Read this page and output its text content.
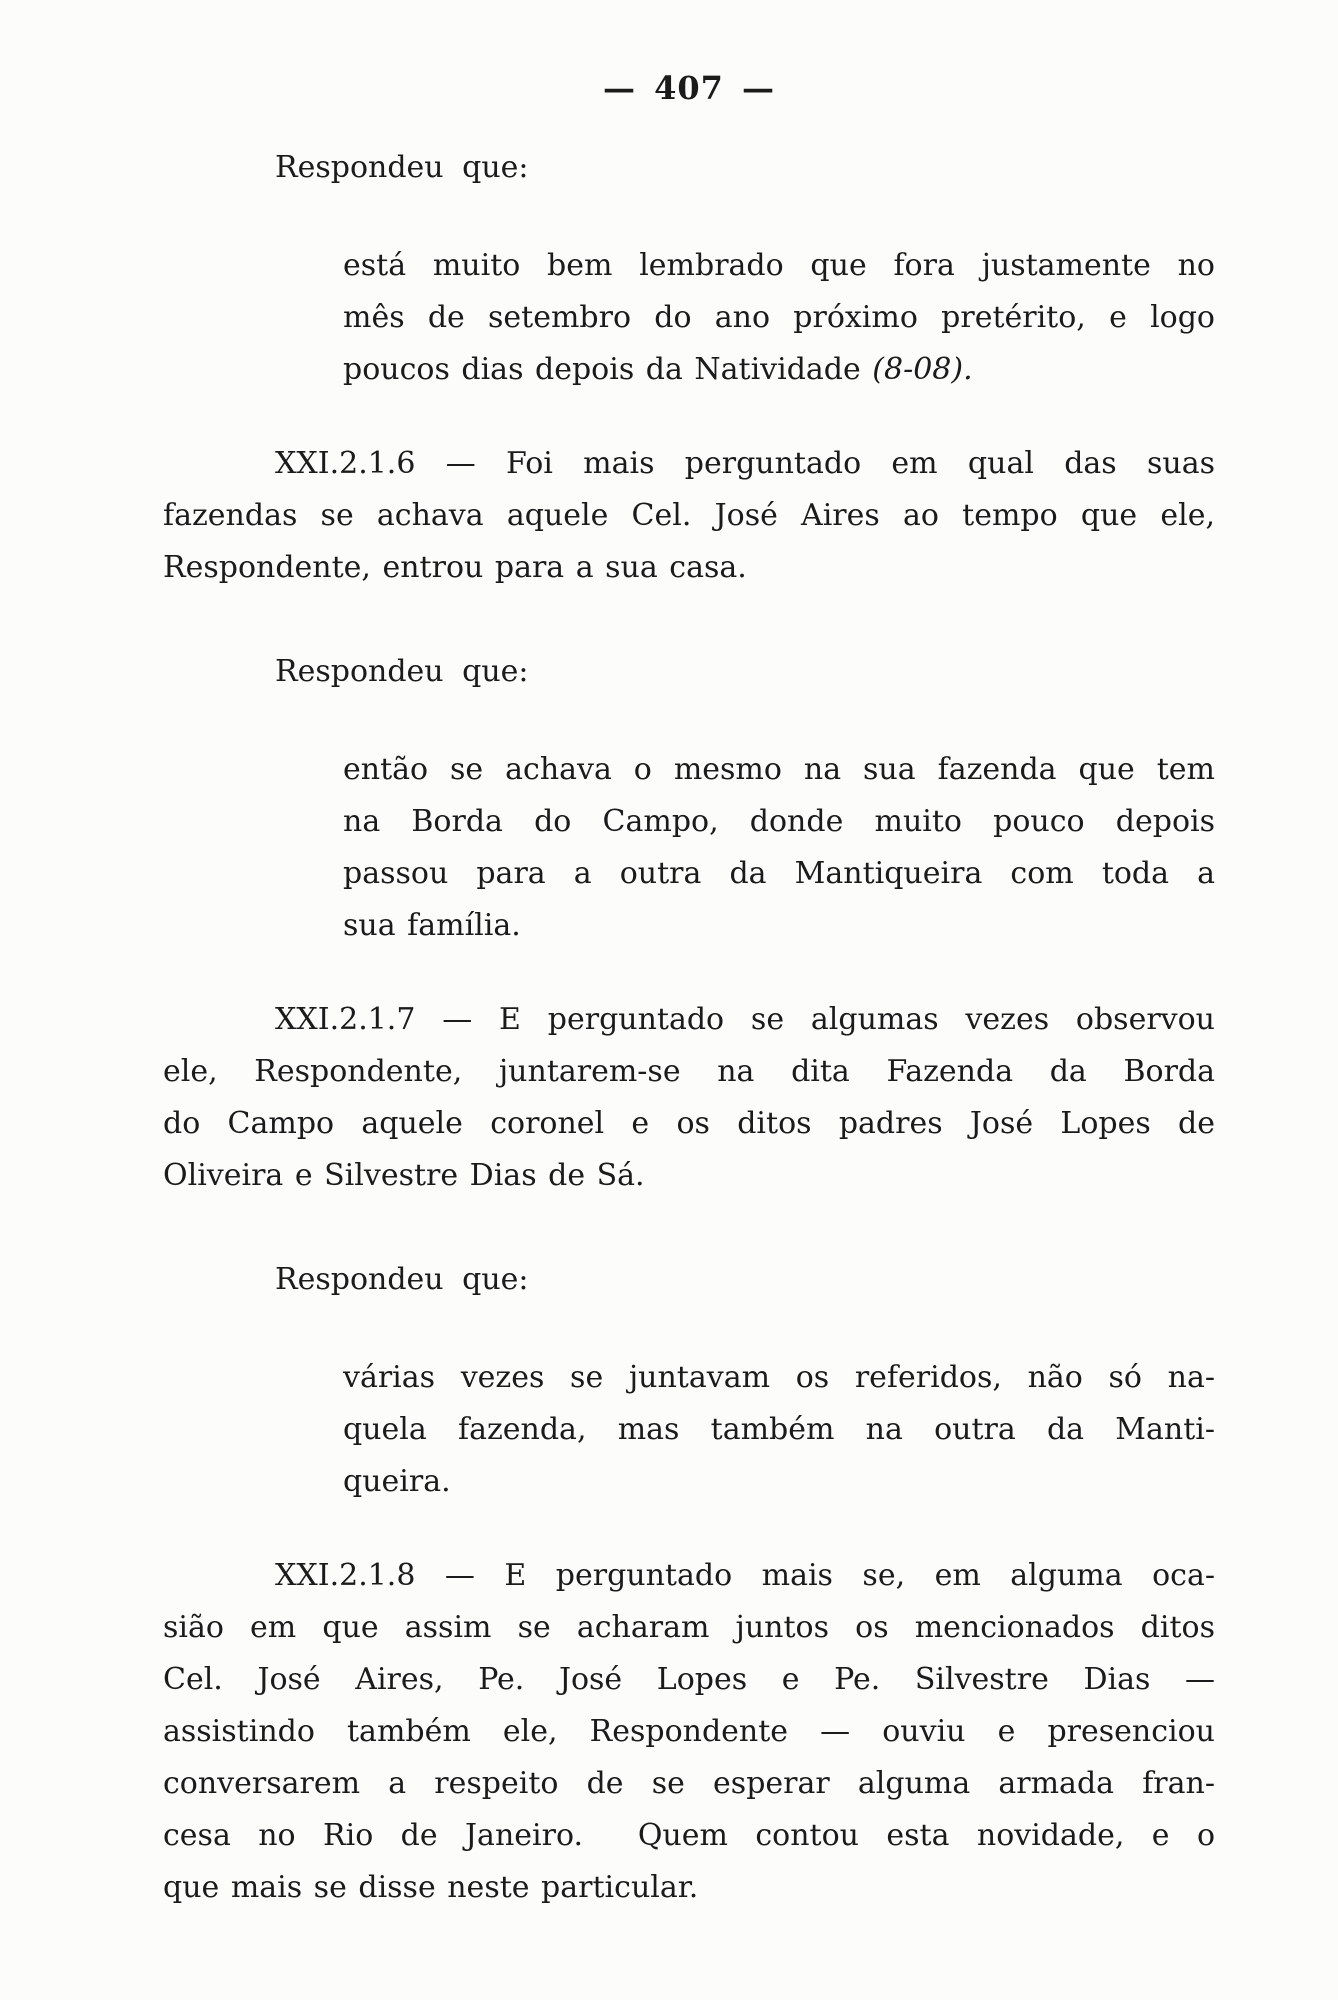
— 407 —
Respondeu que:
está muito bem lembrado que fora justamente no
mês de setembro do ano próximo pretérito, e logo
poucos dias depois da Natividade (8-08).
XXI.2.1.6 — Foi mais perguntado em qual das suas
fazendas se achava aquele Cel. José Aires ao tempo que ele,
Respondente, entrou para a sua casa.
Respondeu que:
então se achava o mesmo na sua fazenda que tem
na Borda do Campo, donde muito pouco depois
passou para a outra da Mantiqueira com toda a
sua família.
XXI.2.1.7 — E perguntado se algumas vezes observou
ele, Respondente, juntarem-se na dita Fazenda da Borda
do Campo aquele coronel e os ditos padres José Lopes de
Oliveira e Silvestre Dias de Sá.
Respondeu que:
várias vezes se juntavam os referidos, não só na-
quela fazenda, mas também na outra da Manti-
queira.
XXI.2.1.8 — E perguntado mais se, em alguma oca-
sião em que assim se acharam juntos os mencionados ditos
Cel. José Aires, Pe. José Lopes e Pe. Silvestre Dias —
assistindo também ele, Respondente — ouviu e presenciou
conversarem a respeito de se esperar alguma armada fran-
cesa no Rio de Janeiro.  Quem contou esta novidade, e o
que mais se disse neste particular.
